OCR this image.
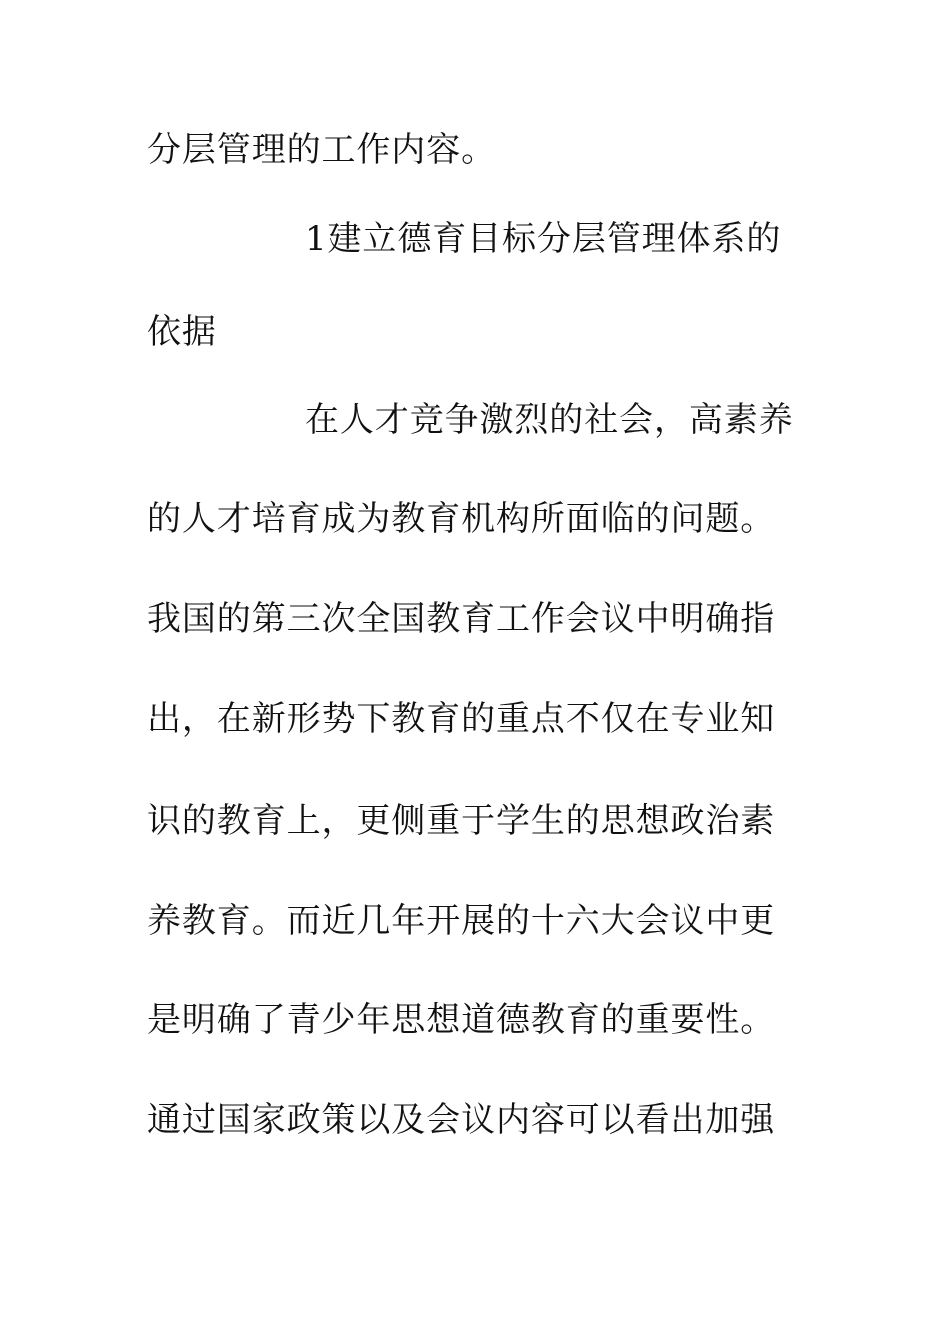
分层管理的工作内容。
1建立德育目标分层管理体系的
依据
在人才竞争激烈的社会，高素养
的人才培育成为教育机构所面临的问题。
我国的第三次全国教育工作会议中明确指
出，在新形势下教育的重点不仅在专业知
识的教育上，更侧重于学生的思想政治素
养教育。而近几年开展的十六大会议中更
是明确了青少年思想道德教育的重要性。
通过国家政策以及会议内容可以看出加强
